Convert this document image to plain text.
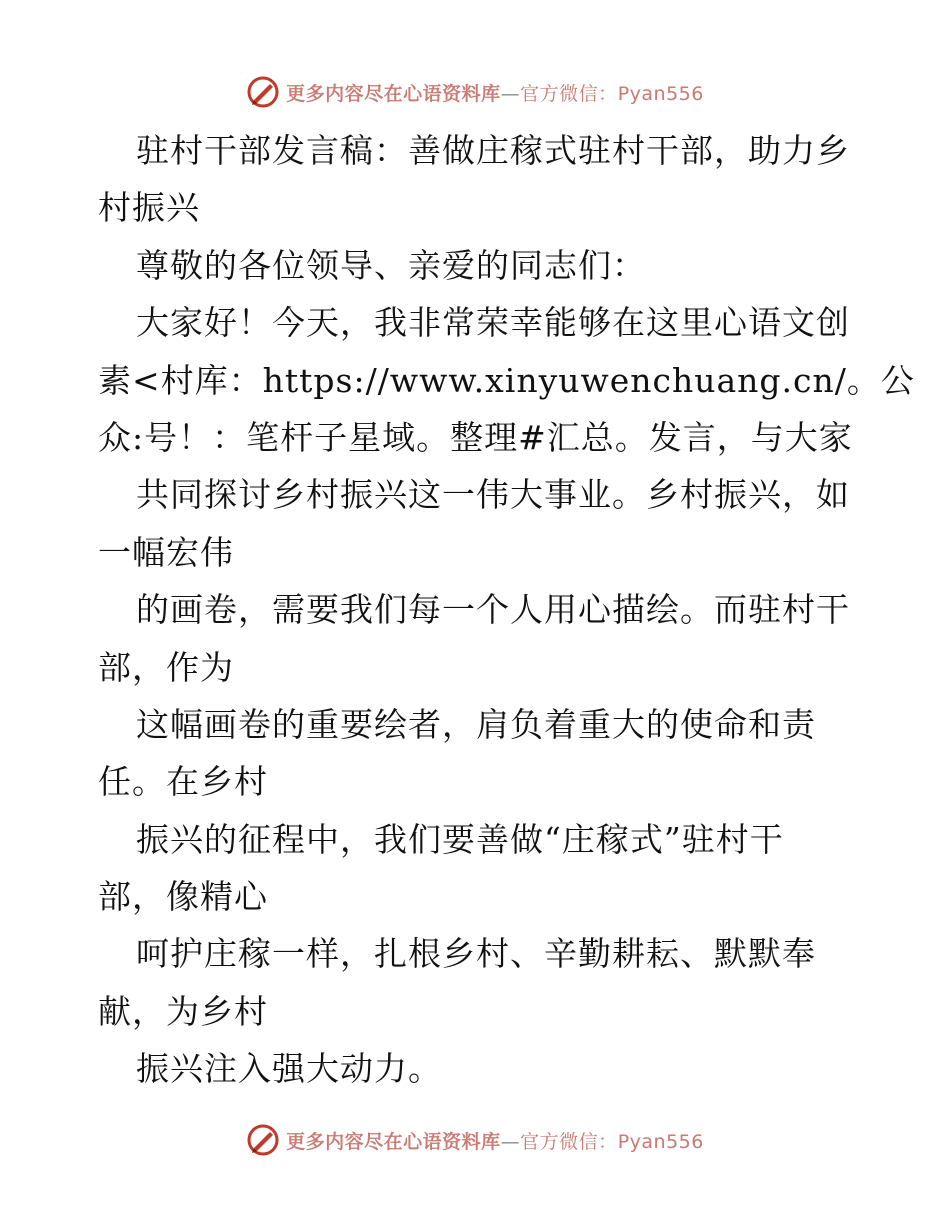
更多内容尽在心语资料库—官方微信：Pyan556
驻村干部发言稿：善做庄稼式驻村干部，助力乡
村振兴
尊敬的各位领导、亲爱的同志们：
大家好！今天，我非常荣幸能够在这里心语文创
素<村库：https://www.xinyuwenchuang.cn/。公
众:号！：笔杆子星域。整理#汇总。发言，与大家
共同探讨乡村振兴这一伟大事业。乡村振兴，如
一幅宏伟
的画卷，需要我们每一个人用心描绘。而驻村干
部，作为
这幅画卷的重要绘者，肩负着重大的使命和责
任。在乡村
振兴的征程中，我们要善做“庄稼式”驻村干
部，像精心
呵护庄稼一样，扎根乡村、辛勤耕耘、默默奉
献，为乡村
振兴注入强大动力。
更多内容尽在心语资料库—官方微信：Pyan556
